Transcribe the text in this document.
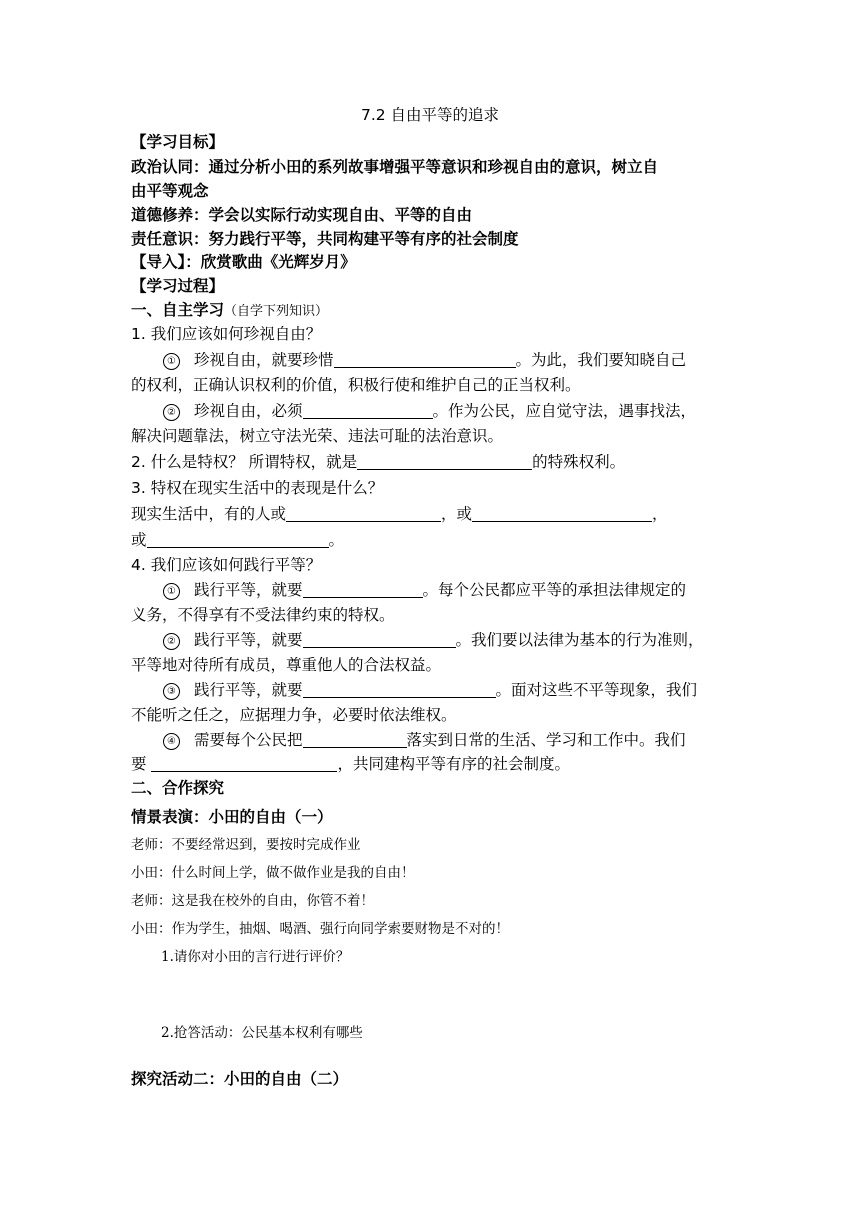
7.2 自由平等的追求
【学习目标】
政治认同：通过分析小田的系列故事增强平等意识和珍视自由的意识，树立自
由平等观念
道德修养：学会以实际行动实现自由、平等的自由
责任意识：努力践行平等，共同构建平等有序的社会制度
【导入】：欣赏歌曲《光辉岁月》
【学习过程】
一、自主学习（自学下列知识）
1. 我们应该如何珍视自由？
① 珍视自由，就要珍惜	。为此，我们要知晓自己
的权利，正确认识权利的价值，积极行使和维护自己的正当权利。
② 珍视自由，必须	。作为公民，应自觉守法，遇事找法，
解决问题靠法，树立守法光荣、违法可耻的法治意识。
2. 什么是特权？ 所谓特权，就是	的特殊权利。
3. 特权在现实生活中的表现是什么？
现实生活中，有的人或	，或	，
或	。
4. 我们应该如何践行平等？
① 践行平等，就要	。每个公民都应平等的承担法律规定的
义务，不得享有不受法律约束的特权。
② 践行平等，就要	。我们要以法律为基本的行为准则，
平等地对待所有成员，尊重他人的合法权益。
③ 践行平等，就要	。面对这些不平等现象，我们
不能听之任之，应据理力争，必要时依法维权。
④ 需要每个公民把	落实到日常的生活、学习和工作中。我们
要	，共同建构平等有序的社会制度。
二、合作探究
情景表演：小田的自由（一）
老师：不要经常迟到，要按时完成作业
小田：什么时间上学，做不做作业是我的自由！
老师：这是我在校外的自由，你管不着！
小田：作为学生，抽烟、喝酒、强行向同学索要财物是不对的！
1.请你对小田的言行进行评价？
2.抢答活动：公民基本权利有哪些
探究活动二：小田的自由（二）
